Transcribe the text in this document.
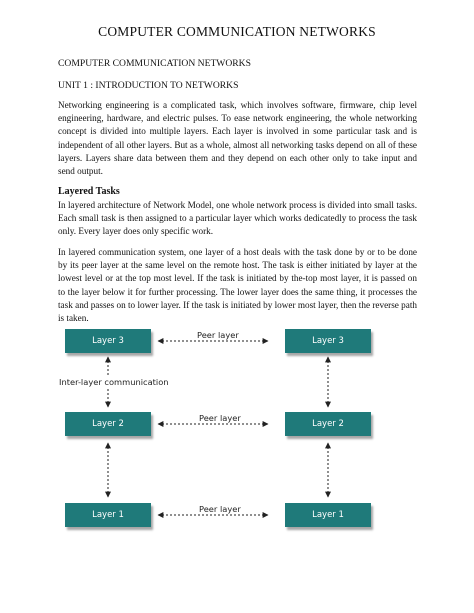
COMPUTER COMMUNICATION NETWORKS
COMPUTER COMMUNICATION NETWORKS
UNIT 1 : INTRODUCTION TO NETWORKS

Networking engineering is a complicated task, which involves software, firmware, chip level engineering, hardware, and electric pulses. To ease network engineering, the whole networking concept is divided into multiple layers. Each layer is involved in some particular task and is independent of all other layers. But as a whole, almost all networking tasks depend on all of these layers. Layers share data between them and they depend on each other only to take input and send output.

Layered Tasks

In layered architecture of Network Model, one whole network process is divided into small tasks. Each small task is then assigned to a particular layer which works dedicatedly to process the task only. Every layer does only specific work.

In layered communication system, one layer of a host deals with the task done by or to be done by its peer layer at the same level on the remote host. The task is either initiated by layer at the lowest level or at the top most level. If the task is initiated by the-top most layer, it is passed on to the layer below it for further processing. The lower layer does the same thing, it processes the task and passes on to lower layer. If the task is initiated by lower most layer, then the reverse path is taken.

Layer 3
Layer 2
Layer 1
Layer 3
Layer 2
Layer 1
Peer layer
Peer layer
Peer layer
Inter-layer communication
